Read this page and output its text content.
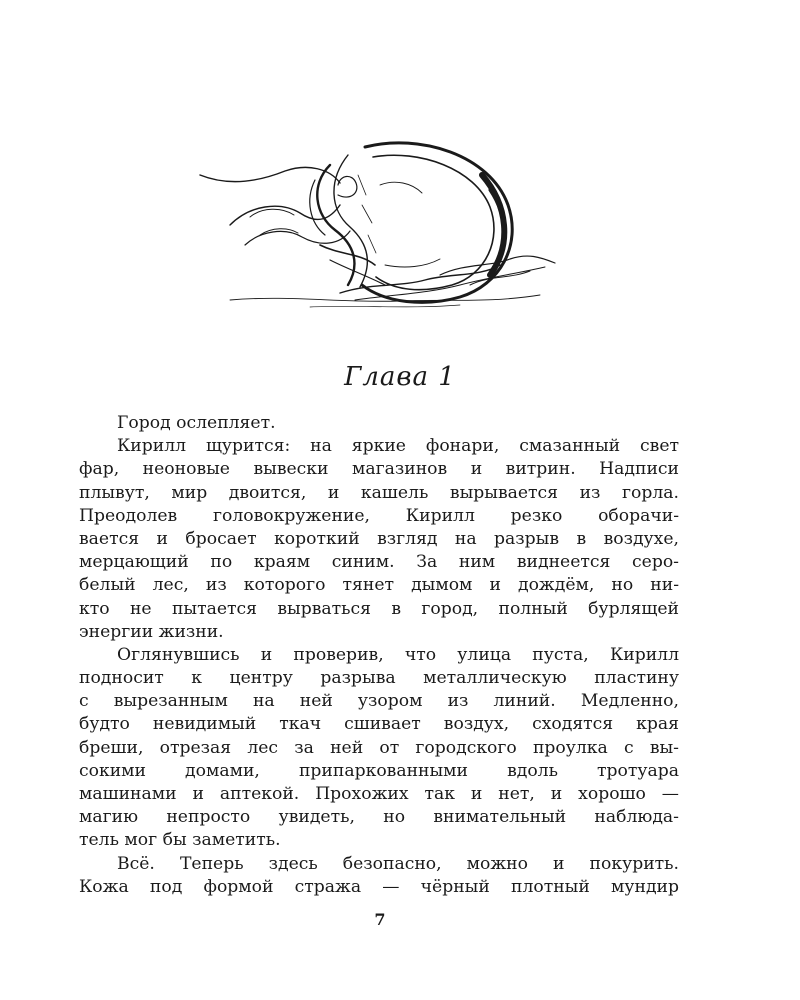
Глава 1
Город ослепляет.
Кирилл щурится: на яркие фонари, смазанный свет
фар, неоновые вывески магазинов и витрин. Надписи
плывут, мир двоится, и кашель вырывается из горла.
Преодолев головокружение, Кирилл резко оборачи-
вается и бросает короткий взгляд на разрыв в воздухе,
мерцающий по краям синим. За ним виднеется серо-
белый лес, из которого тянет дымом и дождём, но ни-
кто не пытается вырваться в город, полный бурлящей
энергии жизни.
Оглянувшись и проверив, что улица пуста, Кирилл
подносит к центру разрыва металлическую пластину
с вырезанным на ней узором из линий. Медленно,
будто невидимый ткач сшивает воздух, сходятся края
бреши, отрезая лес за ней от городского проулка с вы-
сокими домами, припаркованными вдоль тротуара
машинами и аптекой. Прохожих так и нет, и хорошо —
магию непросто увидеть, но внимательный наблюда-
тель мог бы заметить.
Всё. Теперь здесь безопасно, можно и покурить.
Кожа под формой стража — чёрный плотный мундир
7
